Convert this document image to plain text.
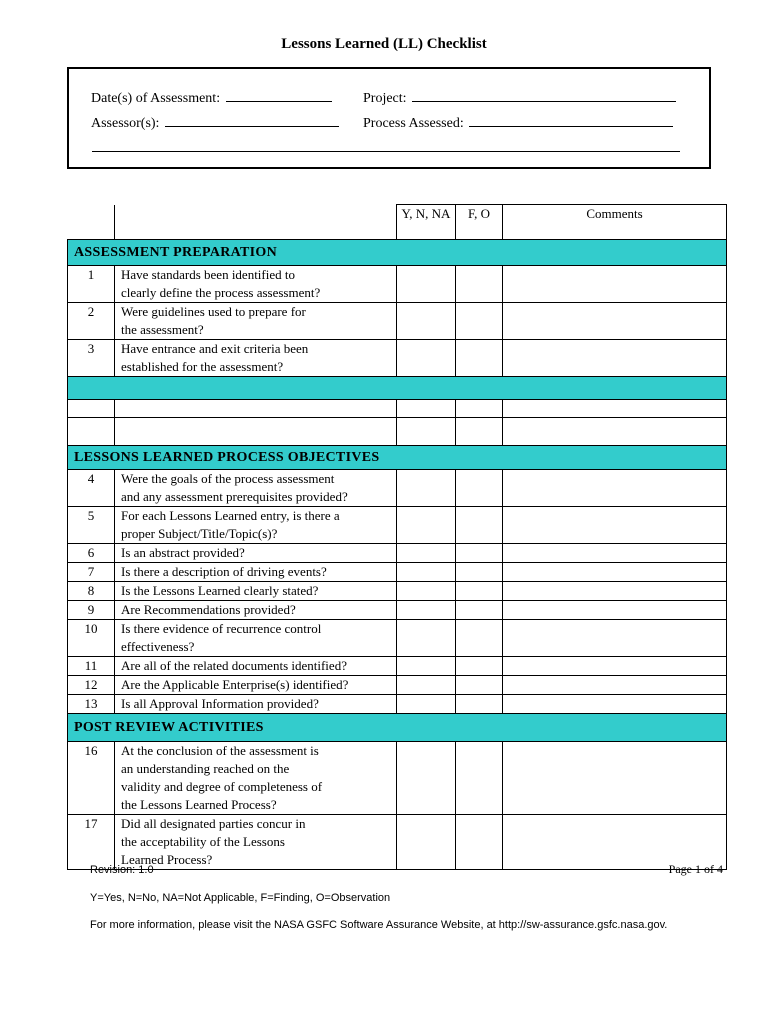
Lessons Learned (LL) Checklist
Date(s) of Assessment:	Project:
Assessor(s):	Process Assessed:
		Y, N, NA	F, O	Comments
ASSESSMENT PREPARATION				
1	Have standards been identified to
clearly define the process assessment?			
2	Were guidelines used to prepare for
the assessment?			
3	Have entrance and exit criteria been
established for the assessment?			

LESSONS LEARNED PROCESS OBJECTIVES				
4	Were the goals of the process assessment
and any assessment prerequisites provided?			
5	For each Lessons Learned entry, is there a
proper Subject/Title/Topic(s)?			
6	Is an abstract provided?			
7	Is there a description of driving events?			
8	Is the Lessons Learned clearly stated?			
9	Are Recommendations provided?			
10	Is there evidence of recurrence control
effectiveness?			
11	Are all of the related documents identified?			
12	Are the Applicable Enterprise(s) identified?			
13	Is all Approval Information provided?			
POST REVIEW ACTIVITIES				
16	At the conclusion of the assessment is
an understanding reached on the
validity and degree of completeness of
the Lessons Learned Process?			
17	Did all designated parties concur in
the acceptability of the Lessons
Learned Process?			
Revision: 1.0	Page 1 of 4
Y=Yes, N=No, NA=Not Applicable, F=Finding, O=Observation
For more information, please visit the NASA GSFC Software Assurance Website, at http://sw-assurance.gsfc.nasa.gov.
